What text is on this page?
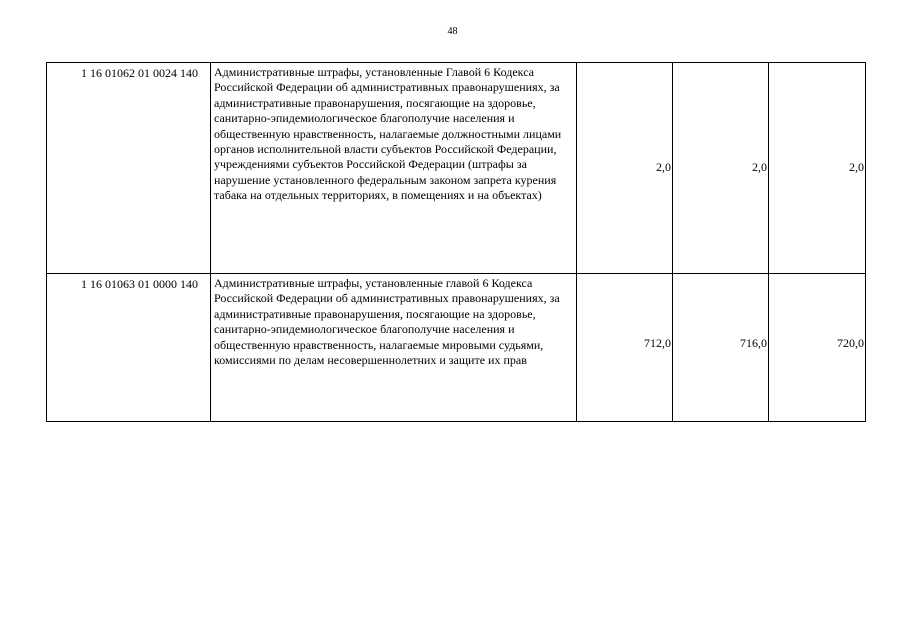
48
1 16 01062 01 0024 140	Административные штрафы, установленные Главой 6 Кодекса Российской Федерации об административных правонарушениях, за административные правонарушения, посягающие на здоровье, санитарно-эпидемиологическое благополучие населения и общественную нравственность, налагаемые должностными лицами органов исполнительной власти субъектов Российской Федерации, учреждениями субъектов Российской Федерации (штрафы за нарушение установленного федеральным законом запрета курения табака на отдельных территориях, в помещениях и на объектах)	2,0	2,0	2,0
1 16 01063 01 0000 140	Административные штрафы, установленные главой 6 Кодекса Российской Федерации об административных правонарушениях, за административные правонарушения, посягающие на здоровье, санитарно-эпидемиологическое благополучие населения и общественную нравственность, налагаемые мировыми судьями, комиссиями по делам несовершеннолетних и защите их прав	712,0	716,0	720,0
